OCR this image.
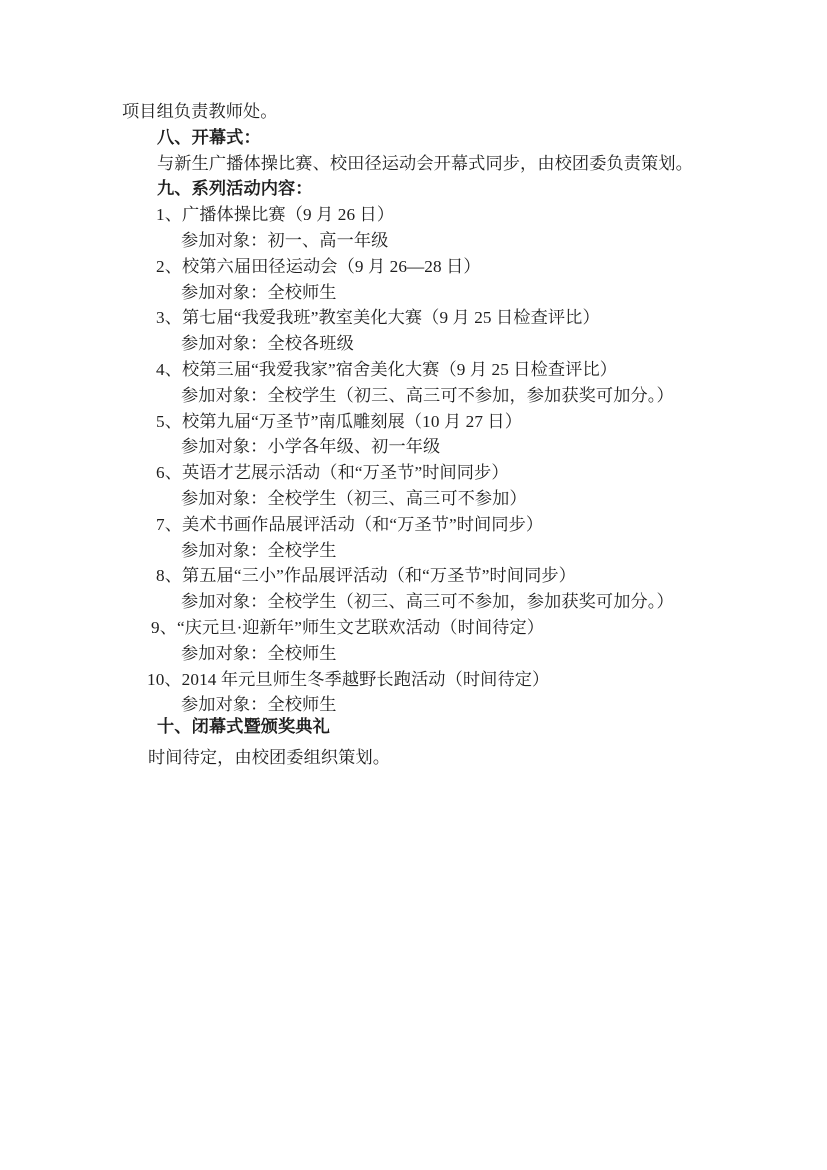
项目组负责教师处。

八、开幕式：

与新生广播体操比赛、校田径运动会开幕式同步，由校团委负责策划。

九、系列活动内容：

1、广播体操比赛（9 月 26 日）

参加对象：初一、高一年级

2、校第六届田径运动会（9 月 26—28 日）

参加对象：全校师生

3、第七届“我爱我班”教室美化大赛（9 月 25 日检查评比）

参加对象：全校各班级

4、校第三届“我爱我家”宿舍美化大赛（9 月 25 日检查评比）

参加对象：全校学生（初三、高三可不参加，参加获奖可加分。）

5、校第九届“万圣节”南瓜雕刻展（10 月 27 日）

参加对象：小学各年级、初一年级

6、英语才艺展示活动（和“万圣节”时间同步）

参加对象：全校学生（初三、高三可不参加）

7、美术书画作品展评活动（和“万圣节”时间同步）

参加对象：全校学生

8、第五届“三小”作品展评活动（和“万圣节”时间同步）

参加对象：全校学生（初三、高三可不参加，参加获奖可加分。）

9、“庆元旦·迎新年”师生文艺联欢活动（时间待定）

参加对象：全校师生

10、2014 年元旦师生冬季越野长跑活动（时间待定）

参加对象：全校师生

十、闭幕式暨颁奖典礼

时间待定，由校团委组织策划。
